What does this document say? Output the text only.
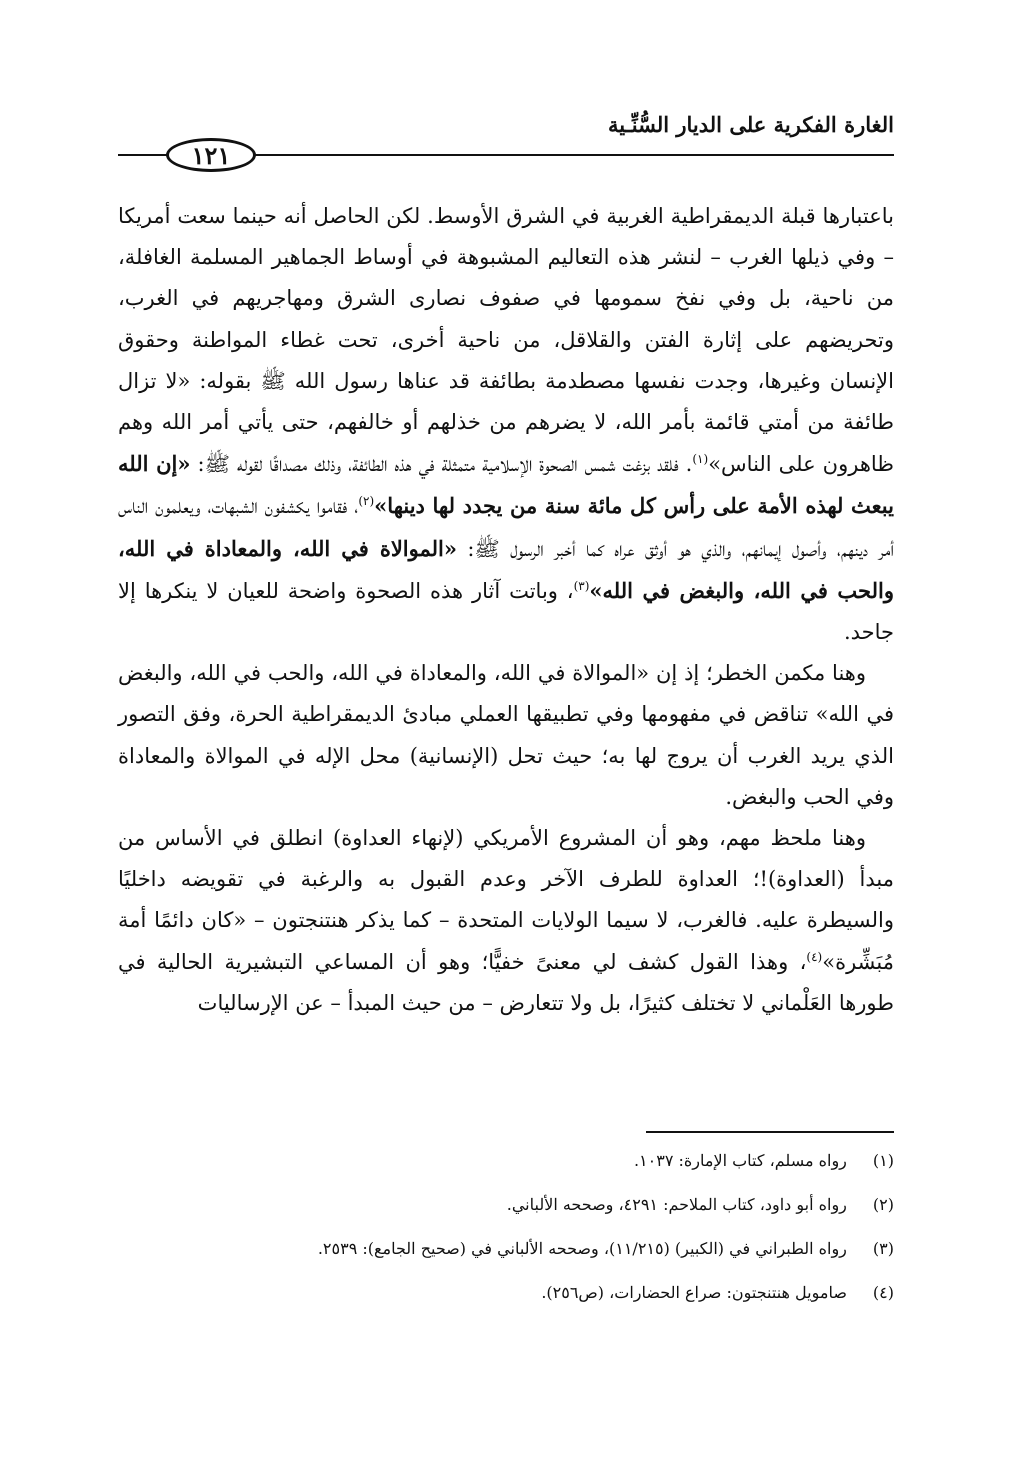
الغارة الفكرية على الديار السُّنِّـية
١٢١

باعتبارها قبلة الديمقراطية الغربية في الشرق الأوسط. لكن الحاصل أنه حينما سعت أمريكا – وفي ذيلها الغرب – لنشر هذه التعاليم المشبوهة في أوساط الجماهير المسلمة الغافلة، من ناحية، بل وفي نفخ سمومها في صفوف نصارى الشرق ومهاجريهم في الغرب، وتحريضهم على إثارة الفتن والقلاقل، من ناحية أخرى، تحت غطاء المواطنة وحقوق الإنسان وغيرها، وجدت نفسها مصطدمة بطائفة قد عناها رسول الله ﷺ بقوله: «لا تزال طائفة من أمتي قائمة بأمر الله، لا يضرهم من خذلهم أو خالفهم، حتى يأتي أمر الله وهم ظاهرون على الناس»$^{(١)}$. فلقد بزغت شمس الصحوة الإسلامية متمثلة في هذه الطائفة، وذلك مصداقًا لقوله ﷺ: «إن الله يبعث لهذه الأمة على رأس كل مائة سنة من يجدد لها دينها»$^{(٢)}$، فقاموا يكشفون الشبهات، ويعلمون الناس أمر دينهم، وأصول إيمانهم، والذي هو أوثق عراه كما أخبر الرسول ﷺ: «الموالاة في الله، والمعاداة في الله، والحب في الله، والبغض في الله»$^{(٣)}$، وباتت آثار هذه الصحوة واضحة للعيان لا ينكرها إلا جاحد.

وهنا مكمن الخطر؛ إذ إن «الموالاة في الله، والمعاداة في الله، والحب في الله، والبغض في الله» تناقض في مفهومها وفي تطبيقها العملي مبادئ الديمقراطية الحرة، وفق التصور الذي يريد الغرب أن يروج لها به؛ حيث تحل (الإنسانية) محل الإله في الموالاة والمعاداة وفي الحب والبغض.

وهنا ملحظ مهم، وهو أن المشروع الأمريكي (لإنهاء العداوة) انطلق في الأساس من مبدأ (العداوة)!؛ العداوة للطرف الآخر وعدم القبول به والرغبة في تقويضه داخليًا والسيطرة عليه. فالغرب، لا سيما الولايات المتحدة – كما يذكر هنتنجتون – «كان دائمًا أمة مُبَشِّرة»$^{(٤)}$، وهذا القول كشف لي معنىً خفيًّا؛ وهو أن المساعي التبشيرية الحالية في طورها العَلْماني لا تختلف كثيرًا، بل ولا تتعارض – من حيث المبدأ – عن الإرساليات

(١) رواه مسلم، كتاب الإمارة: ١٠٣٧.
(٢) رواه أبو داود، كتاب الملاحم: ٤٢٩١، وصححه الألباني.
(٣) رواه الطبراني في (الكبير) (١١/٢١٥)، وصححه الألباني في (صحيح الجامع): ٢٥٣٩.
(٤) صامويل هنتنجتون: صراع الحضارات، (ص٢٥٦).
